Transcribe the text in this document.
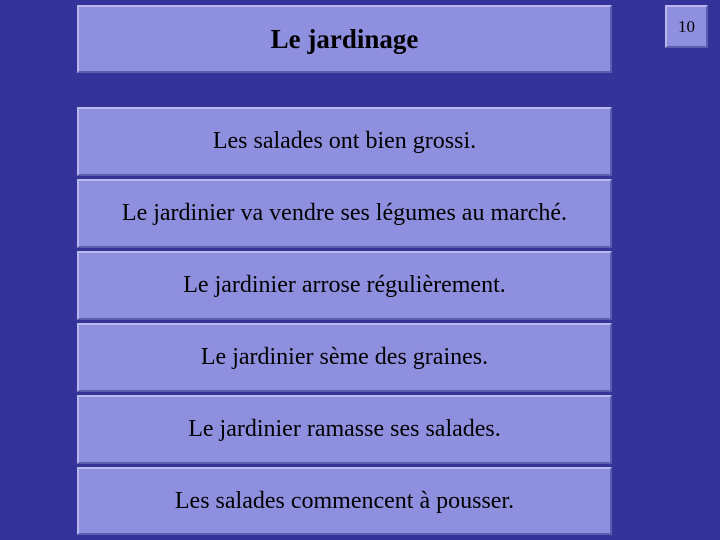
Le jardinage	10
Les salades ont bien grossi.
Le jardinier va vendre ses légumes au marché.
Le jardinier arrose régulièrement.
Le jardinier sème des graines.
Le jardinier ramasse ses salades.
Les salades commencent à pousser.
